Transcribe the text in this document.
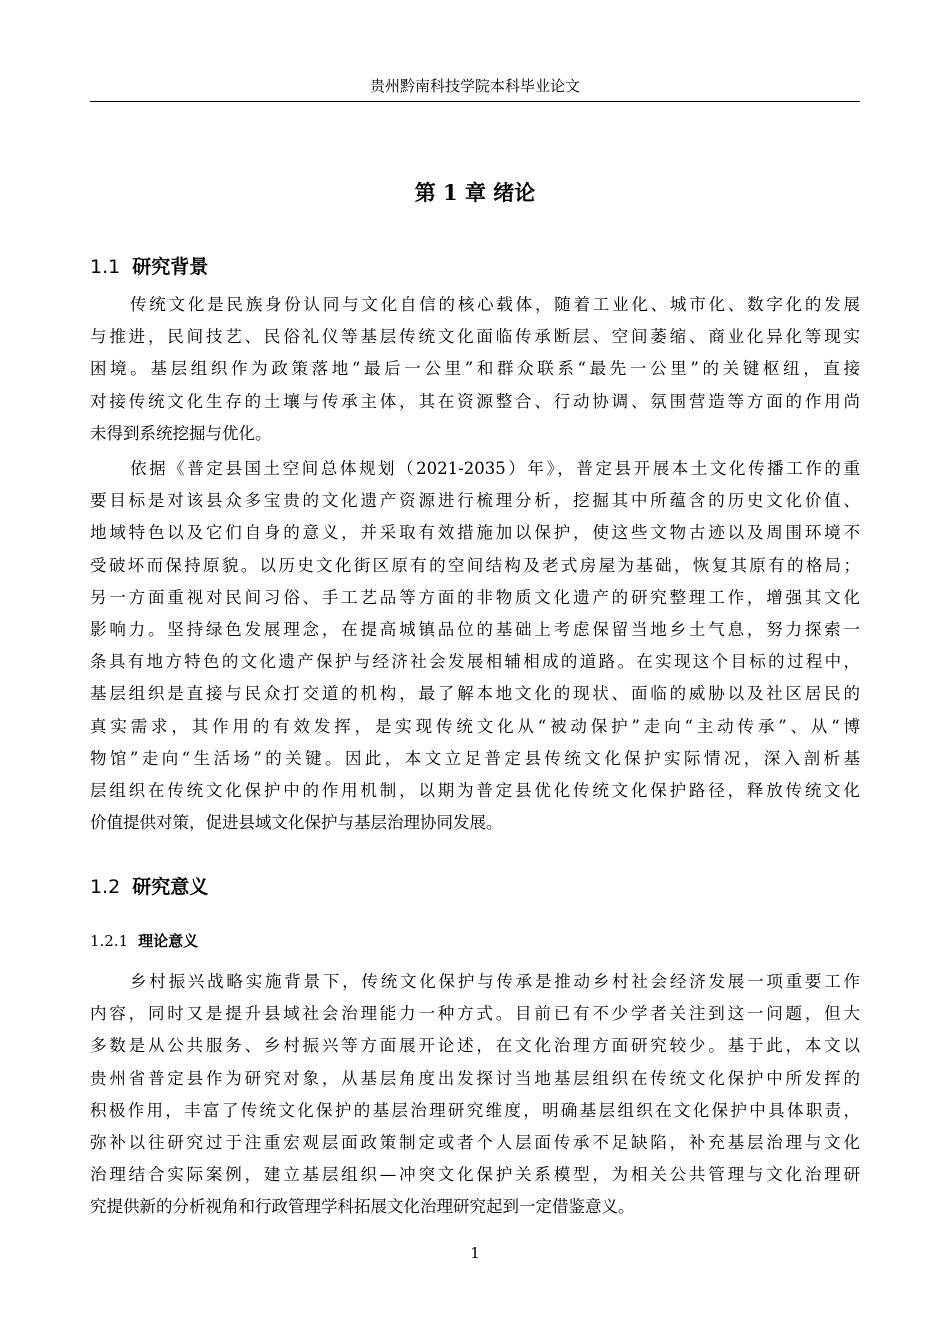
贵州黔南科技学院本科毕业论文
第 1 章 绪论
1.1 研究背景
传统文化是民族身份认同与文化自信的核心载体，随着工业化、城市化、数字化的发展
与推进，民间技艺、民俗礼仪等基层传统文化面临传承断层、空间萎缩、商业化异化等现实
困境。基层组织作为政策落地“最后一公里”和群众联系“最先一公里”的关键枢纽，直接
对接传统文化生存的土壤与传承主体，其在资源整合、行动协调、氛围营造等方面的作用尚
未得到系统挖掘与优化。
依据《普定县国土空间总体规划（2021-2035）年》，普定县开展本土文化传播工作的重
要目标是对该县众多宝贵的文化遗产资源进行梳理分析，挖掘其中所蕴含的历史文化价值、
地域特色以及它们自身的意义，并采取有效措施加以保护，使这些文物古迹以及周围环境不
受破坏而保持原貌。以历史文化街区原有的空间结构及老式房屋为基础，恢复其原有的格局；
另一方面重视对民间习俗、手工艺品等方面的非物质文化遗产的研究整理工作，增强其文化
影响力。坚持绿色发展理念，在提高城镇品位的基础上考虑保留当地乡土气息，努力探索一
条具有地方特色的文化遗产保护与经济社会发展相辅相成的道路。在实现这个目标的过程中，
基层组织是直接与民众打交道的机构，最了解本地文化的现状、面临的威胁以及社区居民的
真实需求，其作用的有效发挥，是实现传统文化从“被动保护”走向“主动传承”、从“博
物馆”走向“生活场”的关键。因此，本文立足普定县传统文化保护实际情况，深入剖析基
层组织在传统文化保护中的作用机制，以期为普定县优化传统文化保护路径，释放传统文化
价值提供对策，促进县域文化保护与基层治理协同发展。
1.2 研究意义
1.2.1 理论意义
乡村振兴战略实施背景下，传统文化保护与传承是推动乡村社会经济发展一项重要工作
内容，同时又是提升县域社会治理能力一种方式。目前已有不少学者关注到这一问题，但大
多数是从公共服务、乡村振兴等方面展开论述，在文化治理方面研究较少。基于此，本文以
贵州省普定县作为研究对象，从基层角度出发探讨当地基层组织在传统文化保护中所发挥的
积极作用，丰富了传统文化保护的基层治理研究维度，明确基层组织在文化保护中具体职责，
弥补以往研究过于注重宏观层面政策制定或者个人层面传承不足缺陷，补充基层治理与文化
治理结合实际案例，建立基层组织—冲突文化保护关系模型，为相关公共管理与文化治理研
究提供新的分析视角和行政管理学科拓展文化治理研究起到一定借鉴意义。
1
